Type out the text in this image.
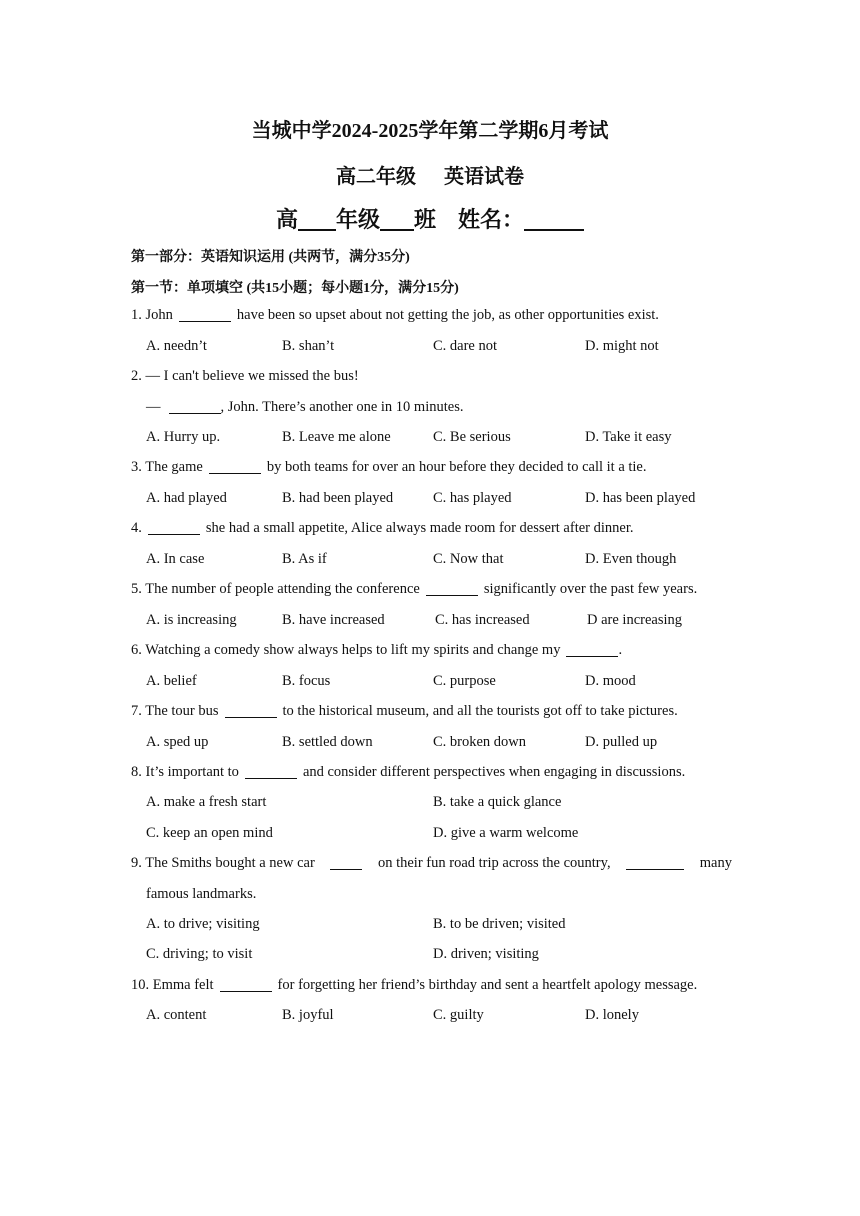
当城中学2024-2025学年第二学期6月考试
高二年级 英语试卷
高 年级 班 姓名：
第一部分：英语知识运用 (共两节，满分35分)
第一节：单项填空 (共15小题；每小题1分，满分15分)
1. John	have been so upset about not getting the job, as other opportunities exist.
A. needn’t	B. shan’t	C. dare not	D. might not
2. — I can't believe we missed the bus!
—	, John. There’s another one in 10 minutes.
A. Hurry up.	B. Leave me alone	C. Be serious	D. Take it easy
3. The game	by both teams for over an hour before they decided to call it a tie.
A. had played	B. had been played	C. has played	D. has been played
4.	she had a small appetite, Alice always made room for dessert after dinner.
A. In case	B. As if	C. Now that	D. Even though
5. The number of people attending the conference	significantly over the past few years.
A. is increasing	B. have increased	C. has increased	D are increasing
6. Watching a comedy show always helps to lift my spirits and change my	.
A. belief	B. focus	C. purpose	D. mood
7. The tour bus	to the historical museum, and all the tourists got off to take pictures.
A. sped up	B. settled down	C. broken down	D. pulled up
8. It’s important to	and consider different perspectives when engaging in discussions.
A. make a fresh start	B. take a quick glance
C. keep an open mind	D. give a warm welcome
9. The Smiths bought a new car	on their fun road trip across the country,	many
famous landmarks.
A. to drive; visiting	B. to be driven; visited
C. driving; to visit	D. driven; visiting
10. Emma felt	for forgetting her friend’s birthday and sent a heartfelt apology message.
A. content	B. joyful	C. guilty	D. lonely
